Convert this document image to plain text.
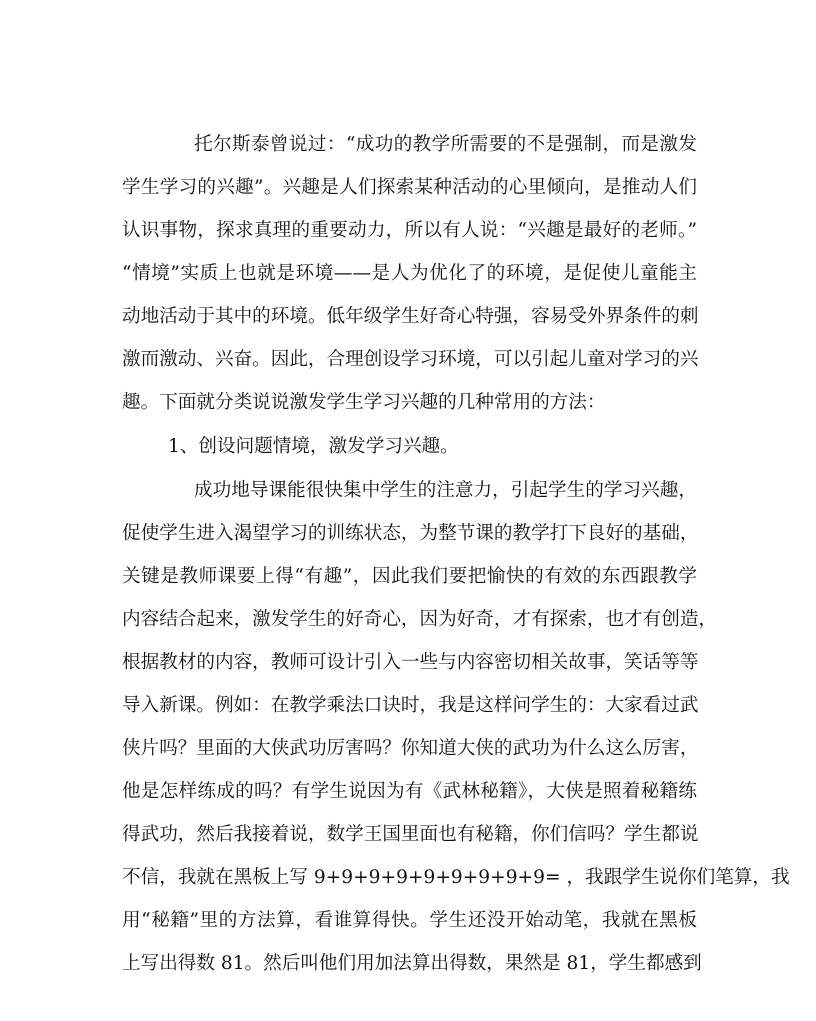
托尔斯泰曾说过：“成功的教学所需要的不是强制，而是激发
学生学习的兴趣”。兴趣是人们探索某种活动的心里倾向，是推动人们
认识事物，探求真理的重要动力，所以有人说：“兴趣是最好的老师。”
“情境”实质上也就是环境——是人为优化了的环境，是促使儿童能主
动地活动于其中的环境。低年级学生好奇心特强，容易受外界条件的刺
激而激动、兴奋。因此，合理创设学习环境，可以引起儿童对学习的兴
趣。下面就分类说说激发学生学习兴趣的几种常用的方法：
1、创设问题情境，激发学习兴趣。
成功地导课能很快集中学生的注意力，引起学生的学习兴趣，
促使学生进入渴望学习的训练状态，为整节课的教学打下良好的基础，
关键是教师课要上得“有趣”，因此我们要把愉快的有效的东西跟教学
内容结合起来，激发学生的好奇心，因为好奇，才有探索，也才有创造，
根据教材的内容，教师可设计引入一些与内容密切相关故事，笑话等等
导入新课。例如：在教学乘法口诀时，我是这样问学生的：大家看过武
侠片吗？里面的大侠武功厉害吗？你知道大侠的武功为什么这么厉害，
他是怎样练成的吗？有学生说因为有《武林秘籍》，大侠是照着秘籍练
得武功，然后我接着说，数学王国里面也有秘籍，你们信吗？学生都说
不信，我就在黑板上写 9+9+9+9+9+9+9+9+9= ，我跟学生说你们笔算，我
用“秘籍”里的方法算，看谁算得快。学生还没开始动笔，我就在黑板
上写出得数 81。然后叫他们用加法算出得数，果然是 81，学生都感到
